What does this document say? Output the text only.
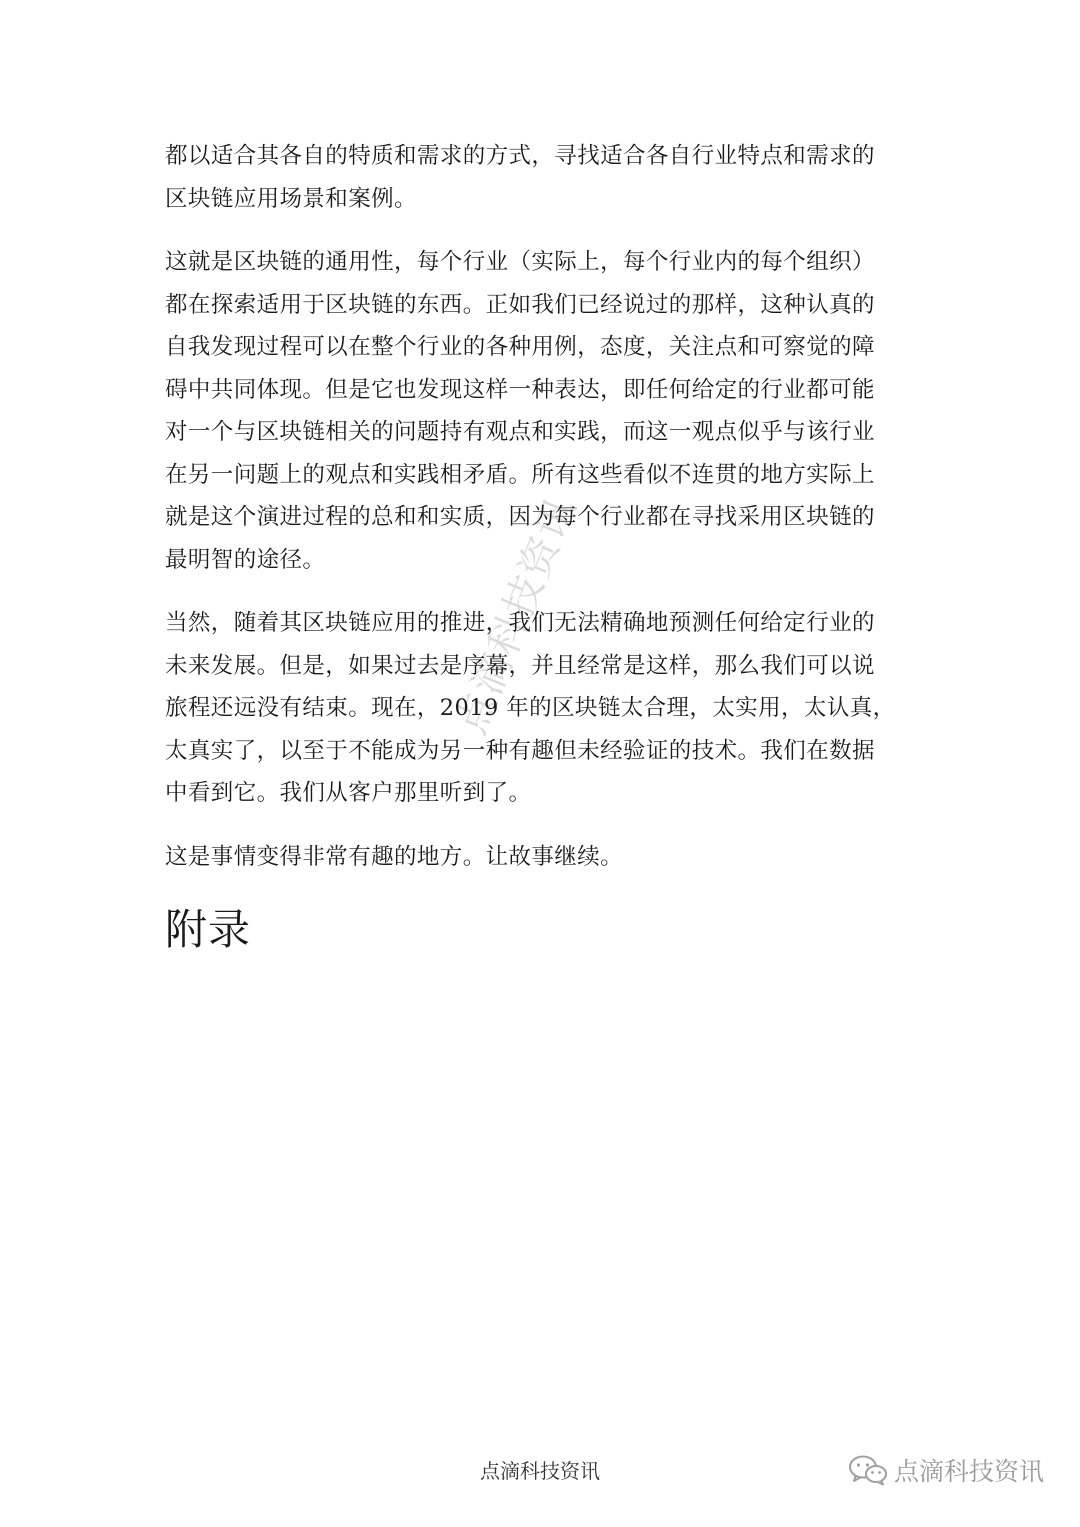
点滴科技资讯

都以适合其各自的特质和需求的方式，寻找适合各自行业特点和需求的
区块链应用场景和案例。

这就是区块链的通用性，每个行业（实际上，每个行业内的每个组织）
都在探索适用于区块链的东西。正如我们已经说过的那样，这种认真的
自我发现过程可以在整个行业的各种用例，态度，关注点和可察觉的障
碍中共同体现。但是它也发现这样一种表达，即任何给定的行业都可能
对一个与区块链相关的问题持有观点和实践，而这一观点似乎与该行业
在另一问题上的观点和实践相矛盾。所有这些看似不连贯的地方实际上
就是这个演进过程的总和和实质，因为每个行业都在寻找采用区块链的
最明智的途径。

当然，随着其区块链应用的推进，我们无法精确地预测任何给定行业的
未来发展。但是，如果过去是序幕，并且经常是这样，那么我们可以说
旅程还远没有结束。现在，2019 年的区块链太合理，太实用，太认真，
太真实了，以至于不能成为另一种有趣但未经验证的技术。我们在数据
中看到它。我们从客户那里听到了。

这是事情变得非常有趣的地方。让故事继续。

附录
点滴科技资讯	点滴科技资讯
